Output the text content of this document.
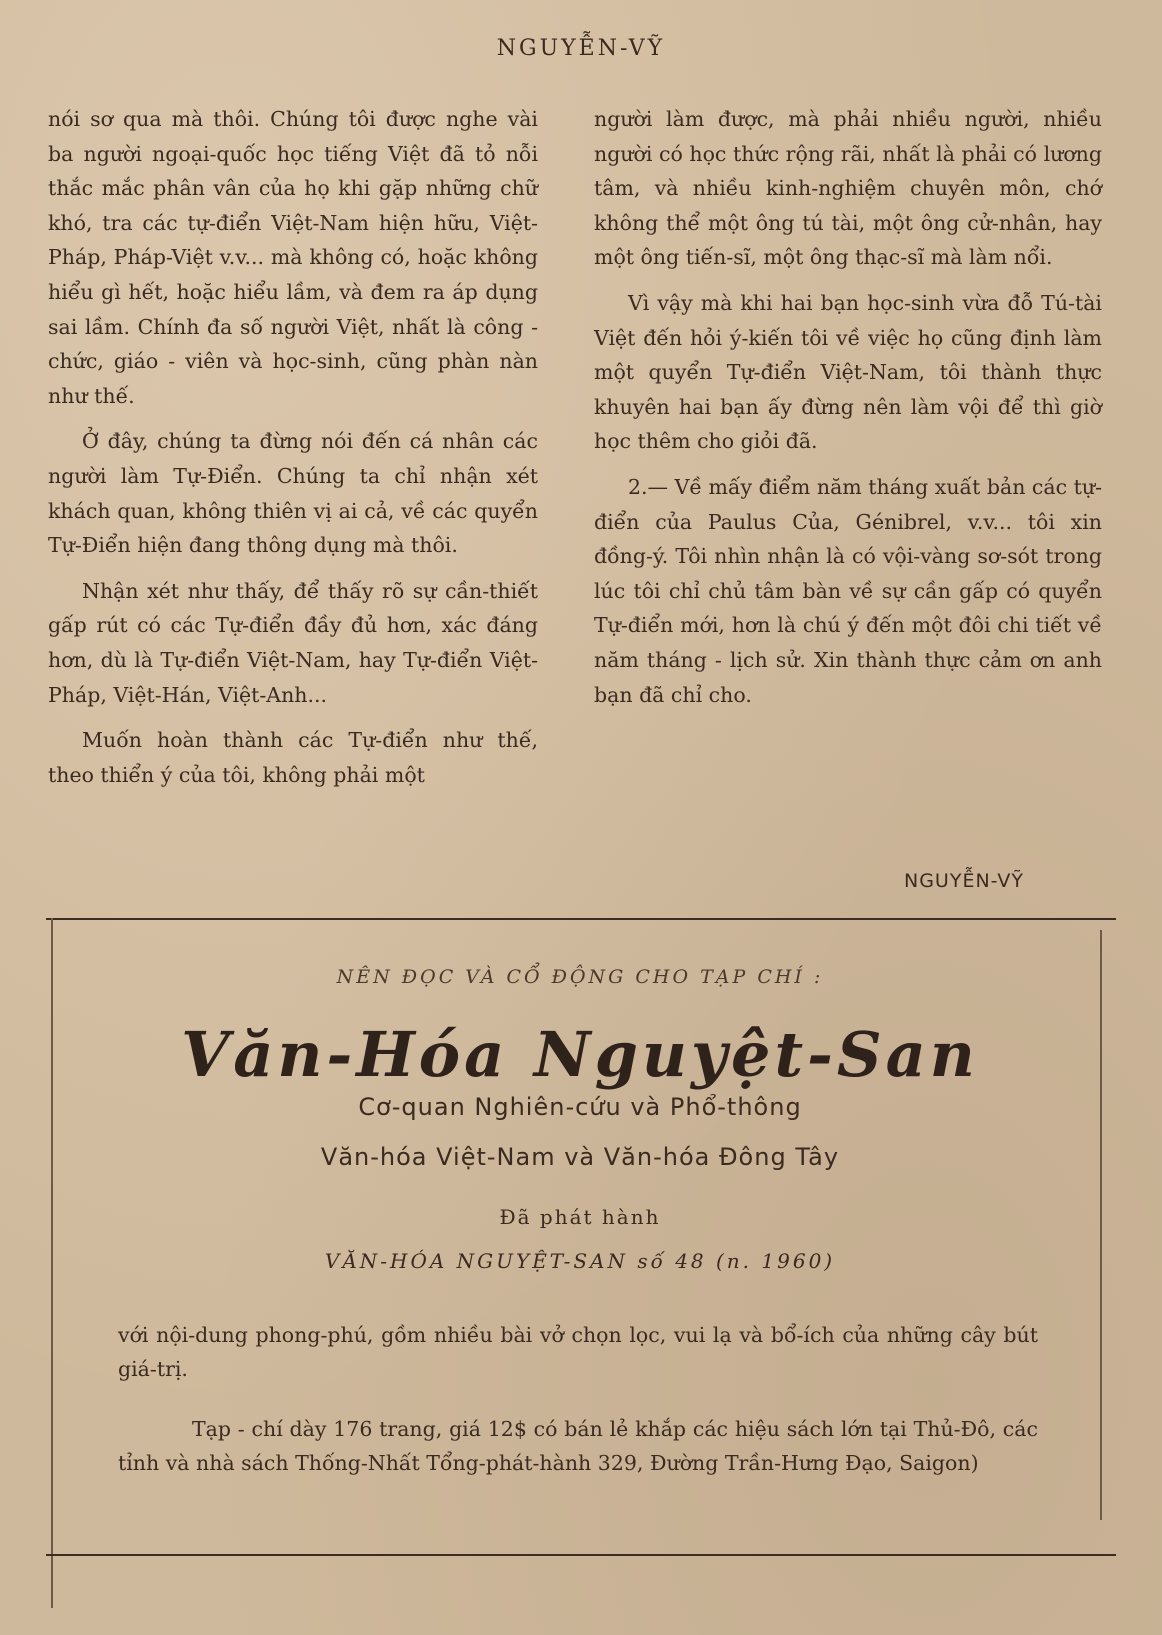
NGUYỄN-VỸ

nói sơ qua mà thôi. Chúng tôi được nghe vài ba người ngoại-quốc học tiếng Việt đã tỏ nỗi thắc mắc phân vân của họ khi gặp những chữ khó, tra các tự-điển Việt-Nam hiện hữu, Việt-Pháp, Pháp-Việt v.v... mà không có, hoặc không hiểu gì hết, hoặc hiểu lầm, và đem ra áp dụng sai lầm. Chính đa số người Việt, nhất là công - chức, giáo - viên và học-sinh, cũng phàn nàn như thế.

Ở đây, chúng ta đừng nói đến cá nhân các người làm Tự-Điển. Chúng ta chỉ nhận xét khách quan, không thiên vị ai cả, về các quyển Tự-Điển hiện đang thông dụng mà thôi.

Nhận xét như thấy, để thấy rõ sự cần-thiết gấp rút có các Tự-điển đầy đủ hơn, xác đáng hơn, dù là Tự-điển Việt-Nam, hay Tự-điển Việt-Pháp, Việt-Hán, Việt-Anh...

Muốn hoàn thành các Tự-điển như thế, theo thiển ý của tôi, không phải một

người làm được, mà phải nhiều người, nhiều người có học thức rộng rãi, nhất là phải có lương tâm, và nhiều kinh-nghiệm chuyên môn, chớ không thể một ông tú tài, một ông cử-nhân, hay một ông tiến-sĩ, một ông thạc-sĩ mà làm nổi.

Vì vậy mà khi hai bạn học-sinh vừa đỗ Tú-tài Việt đến hỏi ý-kiến tôi về việc họ cũng định làm một quyển Tự-điển Việt-Nam, tôi thành thực khuyên hai bạn ấy đừng nên làm vội để thì giờ học thêm cho giỏi đã.

2.— Về mấy điểm năm tháng xuất bản các tự-điển của Paulus Của, Génibrel, v.v... tôi xin đồng-ý. Tôi nhìn nhận là có vội-vàng sơ-sót trong lúc tôi chỉ chủ tâm bàn về sự cần gấp có quyển Tự-điển mới, hơn là chú ý đến một đôi chi tiết về năm tháng - lịch sử. Xin thành thực cảm ơn anh bạn đã chỉ cho.

NGUYỄN-VỸ
NÊN ĐỌC VÀ CỔ ĐỘNG CHO TẠP CHÍ :
Văn-Hóa Nguyệt-San
Cơ-quan Nghiên-cứu và Phổ-thông
Văn-hóa Việt-Nam và Văn-hóa Đông Tây
Đã phát hành
VĂN-HÓA NGUYỆT-SAN số 48 (n. 1960)
với nội-dung phong-phú, gồm nhiều bài vở chọn lọc, vui lạ và bổ-ích của những cây bút giá-trị.
Tạp - chí dày 176 trang, giá 12$ có bán lẻ khắp các hiệu sách lớn tại Thủ-Đô, các tỉnh và nhà sách Thống-Nhất Tổng-phát-hành 329, Đường Trần-Hưng Đạo, Saigon)
